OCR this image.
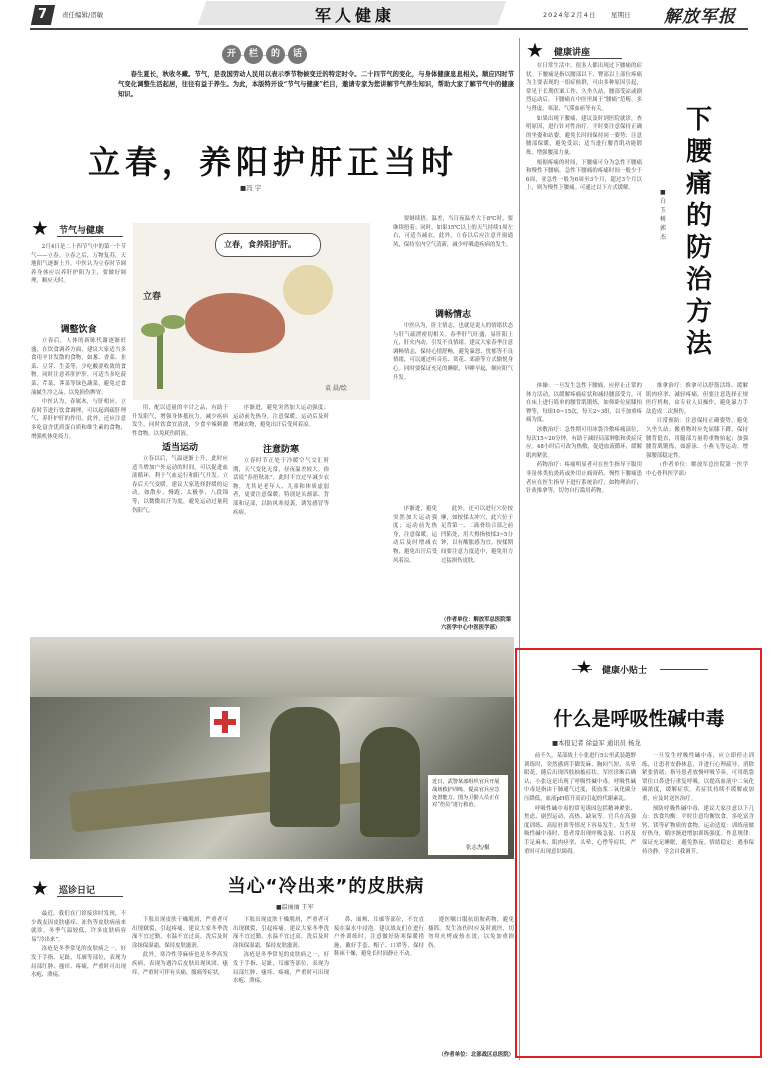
7	责任编辑/贺敏	军人健康	2024年2月4日 星期日 解放军报
开	栏	的	话
春生夏长，秋收冬藏。节气，是我国劳动人民用以表示季节物候变迁的特定时令。二十四节气的变化，与身体健康息息相关。顺应四时节气变化调整生活起居，往往有益于养生。为此，本版特开设“节气与健康”栏目，邀请专家为您讲解节气养生知识，帮助大家了解节气中的健康知识。
立春，养阳护肝正当时
■冯 宇
★ 节气与健康

2月4日是二十四节气中的第一个节气——立春。立春之后，万物复苏，天地阳气逐渐上升。中医认为立春时节调养身体应以养肝护阳为主，要做好调理，顺应天时。

调整饮食

立春后，人体的新陈代谢逐渐旺盛，在饮食调养方面，建议大家适当多食用辛甘发散的食物，如葱、香菜、韭菜、豆芽、生姜等，少吃酸涩收敛的食物。同时注意养肝护肝，可适当多吃菠菜、芹菜、荠菜等绿色蔬菜，避免过食油腻生冷之品，以免损伤脾胃。

中医认为，春属木，与肝相应。立春时节进行饮食调理，可以起到疏肝理气、养肝护肝的作用。此外，还应注意多吃富含优质蛋白质和维生素的食物，增强机体免疫力。

立春，食养阳护肝。
立春
袁 晨/绘

用，配以适量的辛甘之品，有助于升发阳气，增强身体抵抗力，减少疾病发生。同时饮食宜清淡，少食辛辣刺激性食物，以免耗伤阴液。

适当运动

立春以后，气温逐渐上升，此时应适当增加户外运动的时间，可以促进血液循环，利于气血运行和阳气升发。立春后天气变暖，建议大家选择舒缓的运动，如散步、慢跑、太极拳、八段锦等，以微微出汗为度，避免运动过量耗伤阳气。

序渐进，避免突然加大运动强度；运动前先热身，注意保暖，运动后及时增减衣物，避免出汗后受风着凉。

注意防寒

立春时节正处于冷暖空气交汇时期，天气变化无常，昼夜温差较大。俗话说“春捂秋冻”，此时不宜过早减少衣物，尤其是老年人、儿童和体质虚弱者，更要注意保暖，特别是头颈部、背部和足部，以防风寒侵袭，诱发感冒等疾病。

要继续捂。温差，当日夜温差大于8℃时，要继续捂着；同时，如果15℃以上的天气持续1周左右，可适当减衣。此外，立春以后应注意开窗通风，保持室内空气清新，减少呼吸道疾病的发生。

调畅情志

中医认为，肝主情志，也就是说人的情绪状态与肝气疏泄密切相关。春季肝气旺盛，易肝阳上亢，肝火内动，引发不良情绪。建议大家春季注意调畅情志，保持心情舒畅，避免暴怒、忧郁等不良情绪，可以通过听音乐、赏花、郊游等方式愉悦身心。同时要保证充足的睡眠，早睡早起，顺应阳气升发。

此外，还可以进行穴位按摩，如按揉太冲穴，此穴位于足背第一、二跖骨结合部之前凹陷处，用大拇指按揉3~5分钟，以有酸胀感为宜。按揉期间要注意力度适中，避免用力过猛损伤皮肤。

（作者单位：解放军总医院第六医学中心中医医学部）

序渐进，避免突然加大运动强度；运动前先热身，注意保暖，运动后及时增减衣物，避免出汗后受风着凉。

近日，武警某部组织官兵开展战场救护训练，提高官兵应急处置能力。图为卫勤人员正在对“伤员”进行救治。
张志杰/摄
★ 巡诊日记	当心“冷出来”的皮肤病
■温丽丽 王军

最近，我们在门诊接诊时发现，不少战友因皮肤瘙痒、冻伤等皮肤病前来就诊。冬季气温较低，许多皮肤病容易“冷出来”。

冻疮是冬季常见的皮肤病之一，好发于手指、足趾、耳廓等部位，表现为局部红肿、瘙痒、疼痛，严重时可出现水疱、溃疡。

下肢出现皮肤干燥脱屑，严重者可出现皲裂，引起疼痛。建议大家冬季洗澡不宜过勤，水温不宜过高，洗后及时涂抹保湿霜，保持皮肤滋润。

此外，寒冷性荨麻疹也是冬季高发疾病，表现为遇冷后皮肤出现风团、瘙痒，严重时可伴有头痛、腹痛等症状。

下肢出现皮肤干燥脱屑，严重者可出现皲裂，引起疼痛。建议大家冬季洗澡不宜过勤，水温不宜过高，洗后及时涂抹保湿霜，保持皮肤滋润。

冻疮是冬季常见的皮肤病之一，好发于手指、足趾、耳廓等部位，表现为局部红肿、瘙痒、疼痛，严重时可出现水疱、溃疡。

鼻、面颊、耳廓等部位，不宜直接在温水中浸泡。建议战友们在进行户外训练时，注意做好防寒保暖措施，戴好手套、帽子、口罩等，保持鞋袜干燥，避免长时间静止不动。

遵医嘱口服抗组胺药物，避免搔抓。发生冻伤时应及时就医，切勿用火烤或热水烫，以免加重损伤。

（作者单位：北部战区总医院）
★ 健康讲座

在日常生活中，很多人都出现过下腰痛的症状。下腰痛是指以腰部以下、臀部以上部位疼痛为主要表现的一组症候群，可由多种原因引起，常见于长期伏案工作、久坐久站、腰部受凉或剧烈运动后。下腰痛在中医里属于“腰痛”范畴，多与肾虚、寒湿、气滞血瘀等有关。

如果出现下腰痛，建议及时到医院就诊，查明原因，进行针对性治疗。平时要注意保持正确的坐姿和站姿，避免长时间保持同一姿势；注意腰部保暖，避免受凉；适当进行腰背肌功能锻炼，增强腰部力量。

根据疼痛的时间，下腰痛可分为急性下腰痛和慢性下腰痛。急性下腰痛的疼痛时间一般少于6周，亚急性一般为6周至3个月，超过3个月以上，则为慢性下腰痛。可通过以下方式缓解。

体操：一旦发生急性下腰痛，应停止正常的体力活动，以缓解疼痛症状和减轻腰部受力。可在床上进行简单的腰背肌锻炼，如仰卧位屈膝抬臀等，每组10~15次，每天2~3组，以不加重疼痛为度。

冰敷治疗：急性期可用冰袋冷敷疼痛部位，每次15~20分钟，有助于减轻局部肿胀和炎症反应。48小时后可改为热敷，促进血液循环，缓解肌肉紧张。

药物治疗：疼痛明显者可在医生指导下服用非甾体类抗炎药或外用止痛膏药。慢性下腰痛患者应在医生指导下进行系统治疗，如物理治疗、针灸推拿等，切勿自行滥用药物。

下
腰
痛
的
防
治
方
法
■白玉树 郭杰

推拿治疗：推拿可以舒筋活络、缓解肌肉痉挛、减轻疼痛。但要注意选择正规医疗机构，由专业人员操作，避免暴力手法造成二次损伤。

日常预防：注意保持正确姿势，避免久坐久站；搬重物时应先屈膝下蹲，保持腰背挺直，用腿部力量将重物抬起；加强腰背肌锻炼，如游泳、小燕飞等运动，增强腰部稳定性。

（作者单位：解放军总医院第一医学中心骨科医学部）

★ 健康小贴士
什么是呼吸性碱中毒
■本报记者 徐益军 通讯员 杨龙

前不久，某部战士小张进行5公里武装越野训练时，突然感到手脚发麻、胸闷气短、头晕眼花，随后出现四肢抽搐症状。军医诊断后确认，小张这是出现了呼吸性碱中毒。呼吸性碱中毒是指由于肺通气过度，使血浆二氧化碳分压降低，血液pH值升高而引起的代谢紊乱。

呼吸性碱中毒的常见诱因包括精神紧张、焦虑、剧烈运动、高热、缺氧等。官兵在高强度训练、高原驻训等情况下容易发生。发生呼吸性碱中毒时，患者常出现呼吸急促、口唇及手足麻木、肌肉痉挛、头晕、心悸等症状，严重时可出现意识障碍。

一旦发生呼吸性碱中毒，应立即停止训练，让患者安静休息，并进行心理疏导，消除紧张情绪；指导患者放慢呼吸节奏，可用纸袋罩住口鼻进行重复呼吸，以提高血液中二氧化碳浓度，缓解症状。若症状持续不缓解或加重，应及时送医治疗。

预防呼吸性碱中毒，建议大家注意以下几点：饮食均衡：平时注意均衡饮食，多吃富含钙、镁等矿物质的食物。运动适度：训练前做好热身，循序渐进增加训练强度。作息规律：保证充足睡眠，避免熬夜。情绪稳定：遇事保持冷静，学会自我调节。
